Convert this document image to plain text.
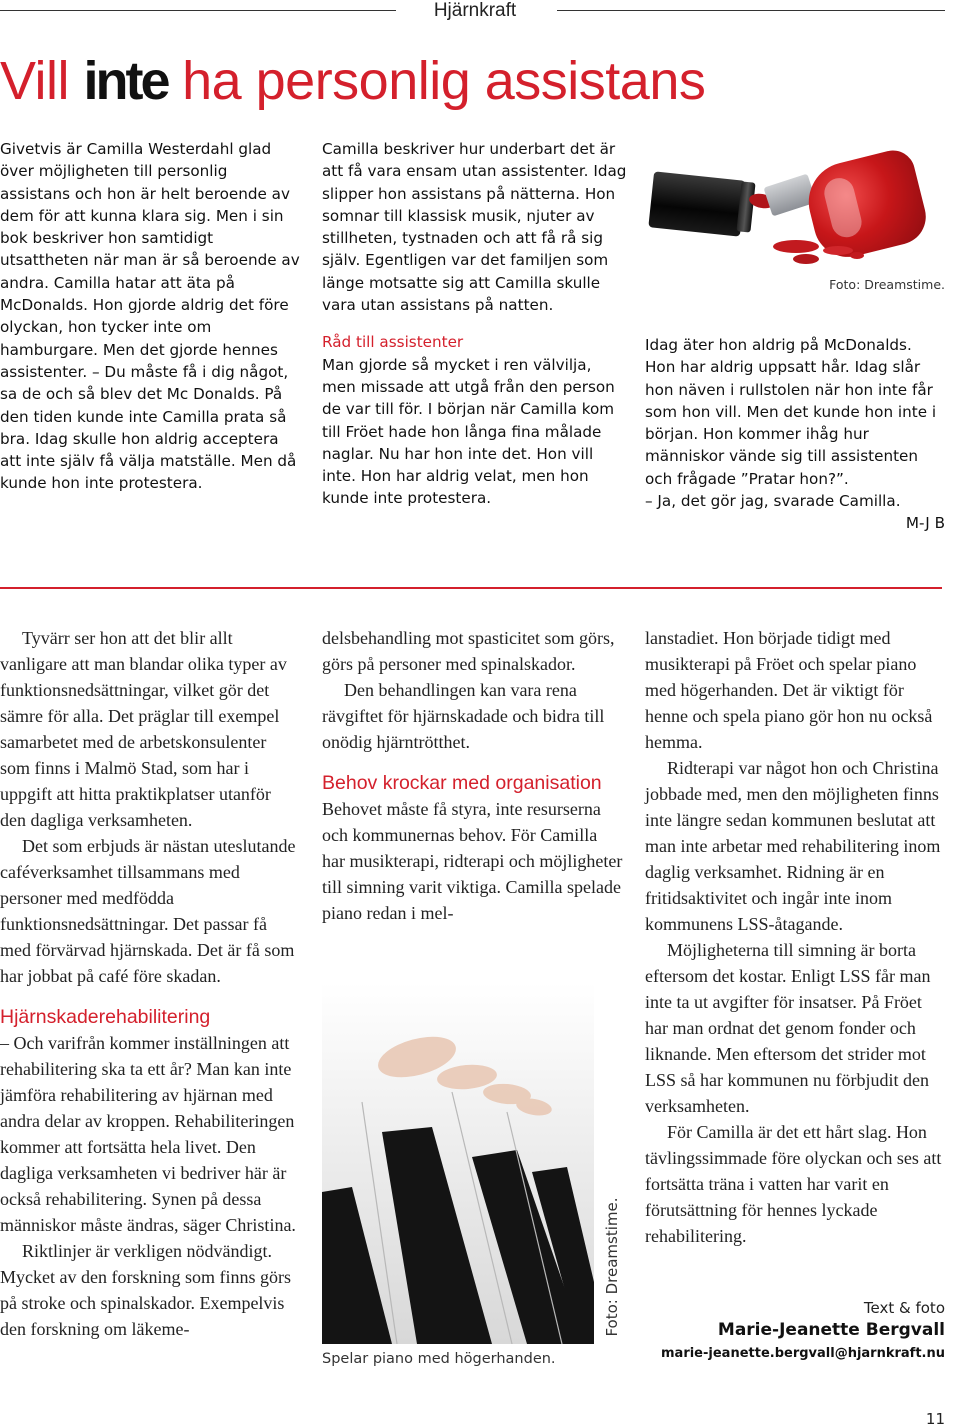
Hjärnkraft
Vill inte ha personlig assistans

Givetvis är Camilla Westerdahl glad över möjligheten till personlig assistans och hon är helt beroende av dem för att kunna klara sig. Men i sin bok beskriver hon samtidigt utsattheten när man är så beroende av andra. Camilla hatar att äta på McDonalds. Hon gjorde aldrig det före olyckan, hon tycker inte om hamburgare. Men det gjorde hennes assistenter. – Du måste få i dig något, sa de och så blev det Mc Donalds. På den tiden kunde inte Camilla prata så bra. Idag skulle hon aldrig acceptera att inte själv få välja matställe. Men då kunde hon inte protestera.

Camilla beskriver hur underbart det är att få vara ensam utan assistenter. Idag slipper hon assistans på nätterna. Hon somnar till klassisk musik, njuter av stillheten, tystnaden och att få rå sig själv. Egentligen var det familjen som länge motsatte sig att Camilla skulle vara utan assistans på natten.

Råd till assistenter

Man gjorde så mycket i ren välvilja, men missade att utgå från den person de var till för. I början när Camilla kom till Fröet hade hon långa fina målade naglar. Nu har hon inte det. Hon vill inte. Hon har aldrig velat, men hon kunde inte protestera.

Foto: Dreamstime.

Idag äter hon aldrig på McDonalds. Hon har aldrig uppsatt hår. Idag slår hon näven i rullstolen när hon inte får som hon vill. Men det kunde hon inte i början. Hon kommer ihåg hur människor vände sig till assistenten och frågade ”Pratar hon?”.

– Ja, det gör jag, svarade Camilla.

M-J B

Tyvärr ser hon att det blir allt vanligare att man blandar olika typer av funktionsnedsättningar, vilket gör det sämre för alla. Det präglar till exempel samarbetet med de arbetskonsulenter som finns i Malmö Stad, som har i uppgift att hitta praktikplatser utanför den dagliga verksamheten.

Det som erbjuds är nästan uteslutande caféverksamhet tillsammans med personer med medfödda funktionsnedsättningar. Det passar få med förvärvad hjärnskada. Det är få som har jobbat på café före skadan.

Hjärnskaderehabilitering

– Och varifrån kommer inställningen att rehabilitering ska ta ett år? Man kan inte jämföra rehabilitering av hjärnan med andra delar av kroppen. Rehabiliteringen kommer att fortsätta hela livet. Den dagliga verksamheten vi bedriver här är också rehabilitering. Synen på dessa människor måste ändras, säger Christina.

Riktlinjer är verkligen nödvändigt. Mycket av den forskning som finns görs på stroke och spinalskador. Exempelvis den forskning om läkeme-

delsbehandling mot spasticitet som görs, görs på personer med spinalskador.

Den behandlingen kan vara rena rävgiftet för hjärnskadade och bidra till onödig hjärntrötthet.

Behov krockar med organisation

Behovet måste få styra, inte resurserna och kommunernas behov. För Camilla har musikterapi, ridterapi och möjligheter till simning varit viktiga. Camilla spelade piano redan i mel-

Foto: Dreamstime.
Spelar piano med högerhanden.

lanstadiet. Hon började tidigt med musikterapi på Fröet och spelar piano med högerhanden. Det är viktigt för henne och spela piano gör hon nu också hemma.

Ridterapi var något hon och Christina jobbade med, men den möjligheten finns inte längre sedan kommunen beslutat att man inte arbetar med rehabilitering inom daglig verksamhet. Ridning är en fritidsaktivitet och ingår inte inom kommunens LSS-åtagande.

Möjligheterna till simning är borta eftersom det kostar. Enligt LSS får man inte ta ut avgifter för insatser. På Fröet har man ordnat det genom fonder och liknande. Men eftersom det strider mot LSS så har kommunen nu förbjudit den verksamheten.

För Camilla är det ett hårt slag. Hon tävlingssimmade före olyckan och ses att fortsätta träna i vatten har varit en förutsättning för hennes lyckade rehabilitering.

Text & foto
Marie-Jeanette Bergvall
marie-jeanette.bergvall@hjarnkraft.nu
11
